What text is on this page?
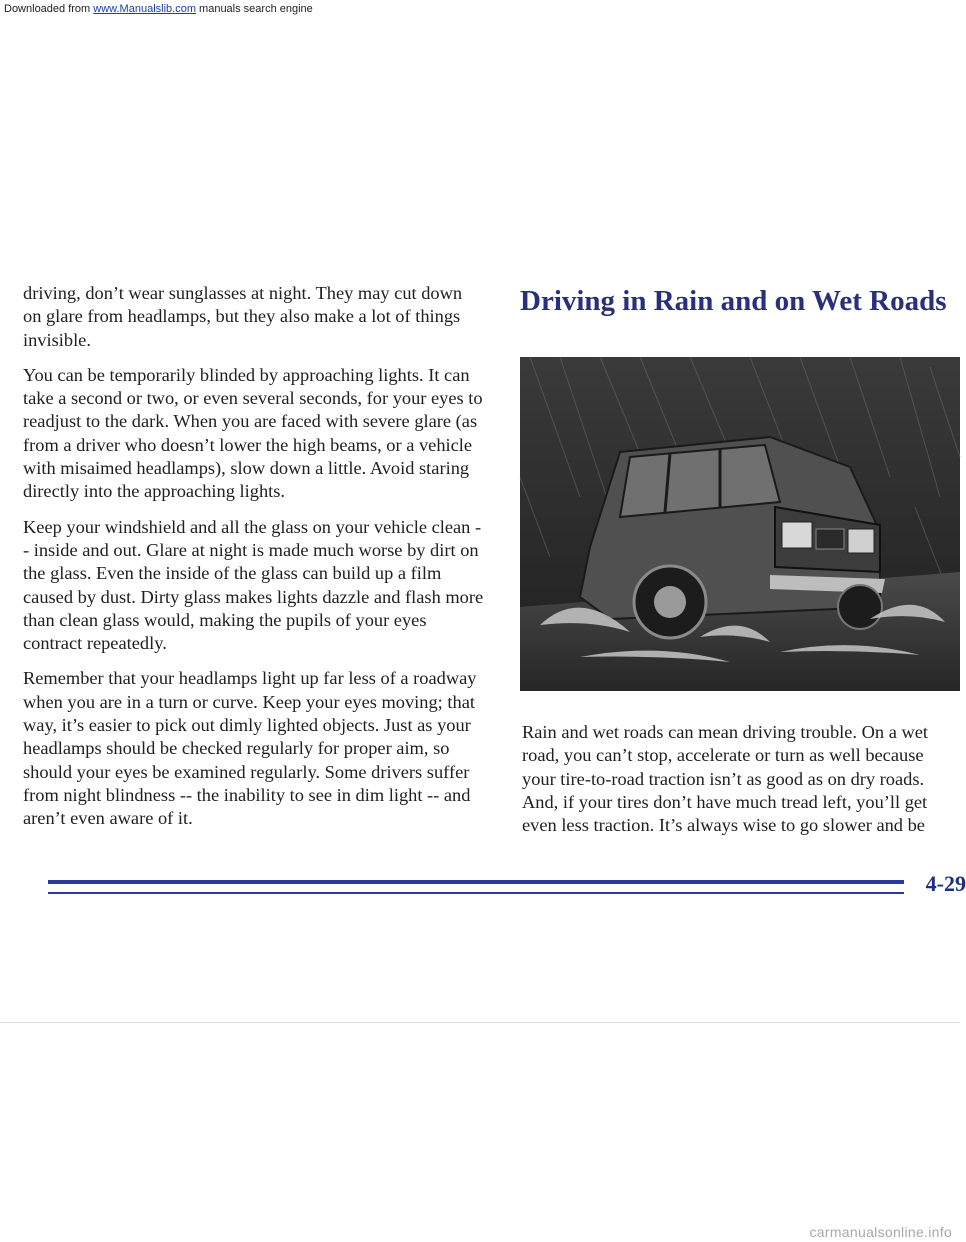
Downloaded from www.Manualslib.com manuals search engine

driving, don’t wear sunglasses at night. They may cut down on glare from headlamps, but they also make a lot of things invisible.

You can be temporarily blinded by approaching lights. It can take a second or two, or even several seconds, for your eyes to readjust to the dark. When you are faced with severe glare (as from a driver who doesn’t lower the high beams, or a vehicle with misaimed headlamps), slow down a little. Avoid staring directly into the approaching lights.

Keep your windshield and all the glass on your vehicle clean -- inside and out. Glare at night is made much worse by dirt on the glass. Even the inside of the glass can build up a film caused by dust. Dirty glass makes lights dazzle and flash more than clean glass would, making the pupils of your eyes contract repeatedly.

Remember that your headlamps light up far less of a roadway when you are in a turn or curve. Keep your eyes moving; that way, it’s easier to pick out dimly lighted objects. Just as your headlamps should be checked regularly for proper aim, so should your eyes be examined regularly. Some drivers suffer from night blindness -- the inability to see in dim light -- and aren’t even aware of it.

Driving in Rain and on Wet Roads

Rain and wet roads can mean driving trouble. On a wet road, you can’t stop, accelerate or turn as well because your tire-to-road traction isn’t as good as on dry roads. And, if your tires don’t have much tread left, you’ll get even less traction. It’s always wise to go slower and be

4-29
carmanualsonline.info
